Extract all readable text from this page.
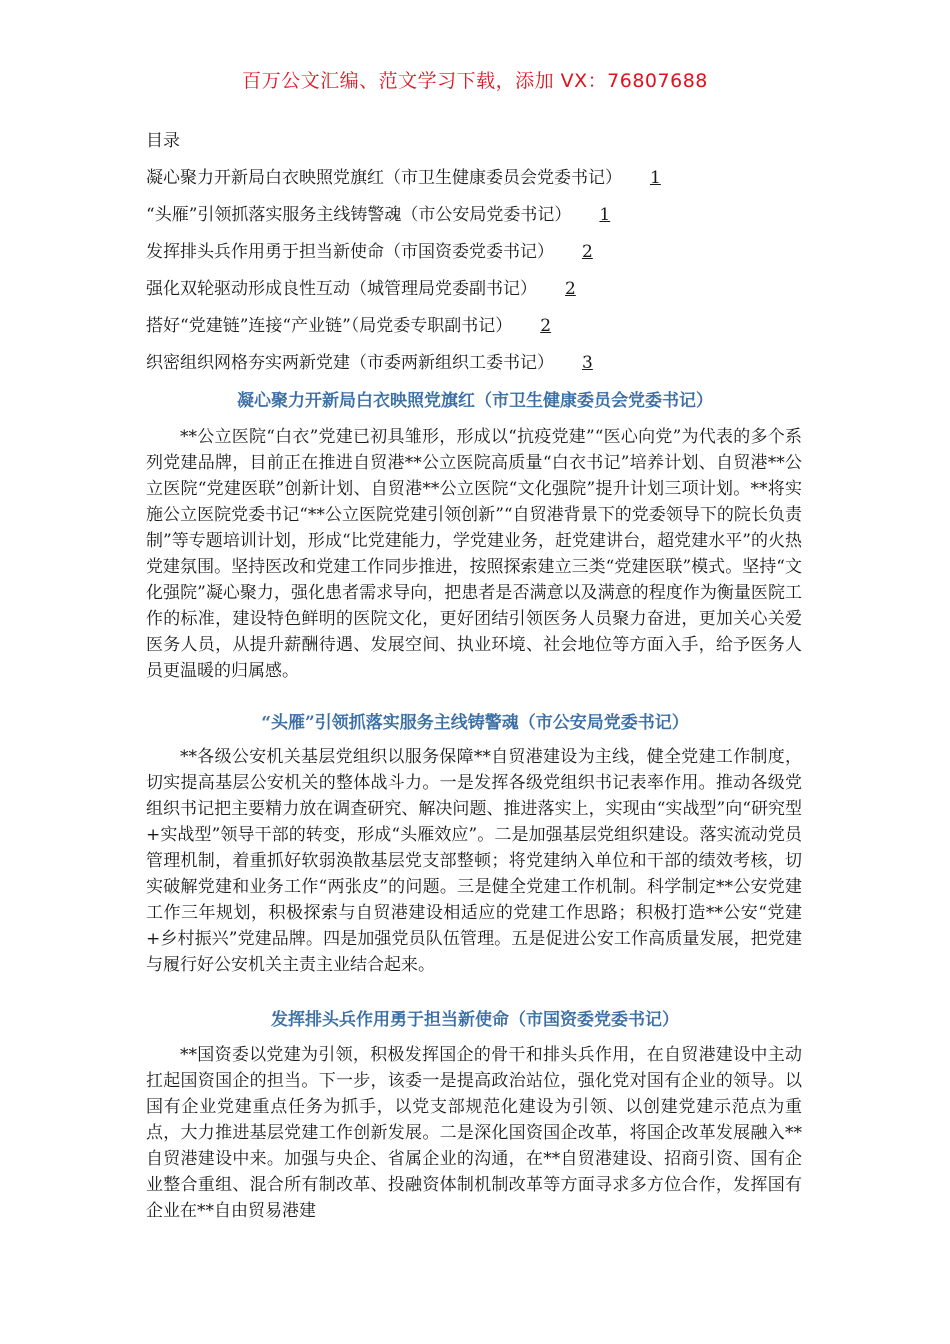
百万公文汇编、范文学习下载，添加 VX：76807688
目录
凝心聚力开新局白衣映照党旗红（市卫生健康委员会党委书记） 1
“头雁”引领抓落实服务主线铸警魂（市公安局党委书记） 1
发挥排头兵作用勇于担当新使命（市国资委党委书记） 2
强化双轮驱动形成良性互动（城管理局党委副书记） 2
搭好“党建链”连接“产业链”（局党委专职副书记） 2
织密组织网格夯实两新党建（市委两新组织工委书记） 3
凝心聚力开新局白衣映照党旗红（市卫生健康委员会党委书记）
**公立医院“白衣”党建已初具雏形，形成以“抗疫党建”“医心向党”为代表的多个系列党建品牌，目前正在推进自贸港**公立医院高质量“白衣书记”培养计划、自贸港**公立医院“党建医联”创新计划、自贸港**公立医院“文化强院”提升计划三项计划。**将实施公立医院党委书记“**公立医院党建引领创新”“自贸港背景下的党委领导下的院长负责制”等专题培训计划，形成“比党建能力，学党建业务，赶党建讲台，超党建水平”的火热党建氛围。坚持医改和党建工作同步推进，按照探索建立三类“党建医联”模式。坚持“文化强院”凝心聚力，强化患者需求导向，把患者是否满意以及满意的程度作为衡量医院工作的标准，建设特色鲜明的医院文化，更好团结引领医务人员聚力奋进，更加关心关爱医务人员，从提升薪酬待遇、发展空间、执业环境、社会地位等方面入手，给予医务人员更温暖的归属感。
“头雁”引领抓落实服务主线铸警魂（市公安局党委书记）
**各级公安机关基层党组织以服务保障**自贸港建设为主线，健全党建工作制度，切实提高基层公安机关的整体战斗力。一是发挥各级党组织书记表率作用。推动各级党组织书记把主要精力放在调查研究、解决问题、推进落实上，实现由“实战型”向“研究型+实战型”领导干部的转变，形成“头雁效应”。二是加强基层党组织建设。落实流动党员管理机制，着重抓好软弱涣散基层党支部整顿；将党建纳入单位和干部的绩效考核，切实破解党建和业务工作“两张皮”的问题。三是健全党建工作机制。科学制定**公安党建工作三年规划，积极探索与自贸港建设相适应的党建工作思路；积极打造**公安“党建+乡村振兴”党建品牌。四是加强党员队伍管理。五是促进公安工作高质量发展，把党建与履行好公安机关主责主业结合起来。
发挥排头兵作用勇于担当新使命（市国资委党委书记）
**国资委以党建为引领，积极发挥国企的骨干和排头兵作用，在自贸港建设中主动扛起国资国企的担当。下一步，该委一是提高政治站位，强化党对国有企业的领导。以国有企业党建重点任务为抓手，以党支部规范化建设为引领、以创建党建示范点为重点，大力推进基层党建工作创新发展。二是深化国资国企改革，将国企改革发展融入**自贸港建设中来。加强与央企、省属企业的沟通，在**自贸港建设、招商引资、国有企业整合重组、混合所有制改革、投融资体制机制改革等方面寻求多方位合作，发挥国有企业在**自由贸易港建
